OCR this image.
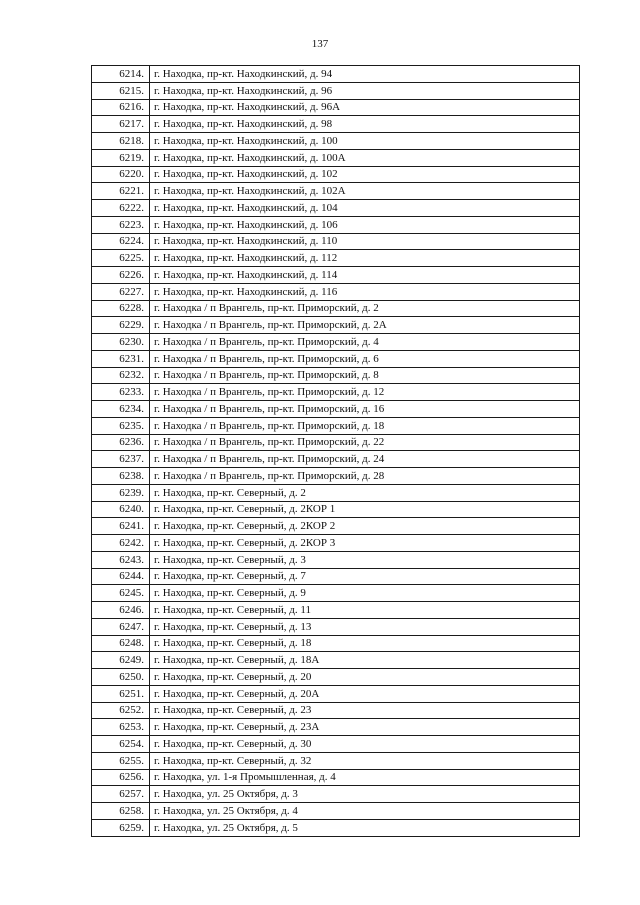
137
6214.	г. Находка, пр-кт. Находкинский, д. 94
6215.	г. Находка, пр-кт. Находкинский, д. 96
6216.	г. Находка, пр-кт. Находкинский, д. 96А
6217.	г. Находка, пр-кт. Находкинский, д. 98
6218.	г. Находка, пр-кт. Находкинский, д. 100
6219.	г. Находка, пр-кт. Находкинский, д. 100А
6220.	г. Находка, пр-кт. Находкинский, д. 102
6221.	г. Находка, пр-кт. Находкинский, д. 102А
6222.	г. Находка, пр-кт. Находкинский, д. 104
6223.	г. Находка, пр-кт. Находкинский, д. 106
6224.	г. Находка, пр-кт. Находкинский, д. 110
6225.	г. Находка, пр-кт. Находкинский, д. 112
6226.	г. Находка, пр-кт. Находкинский, д. 114
6227.	г. Находка, пр-кт. Находкинский, д. 116
6228.	г. Находка / п Врангель, пр-кт. Приморский, д. 2
6229.	г. Находка / п Врангель, пр-кт. Приморский, д. 2А
6230.	г. Находка / п Врангель, пр-кт. Приморский, д. 4
6231.	г. Находка / п Врангель, пр-кт. Приморский, д. 6
6232.	г. Находка / п Врангель, пр-кт. Приморский, д. 8
6233.	г. Находка / п Врангель, пр-кт. Приморский, д. 12
6234.	г. Находка / п Врангель, пр-кт. Приморский, д. 16
6235.	г. Находка / п Врангель, пр-кт. Приморский, д. 18
6236.	г. Находка / п Врангель, пр-кт. Приморский, д. 22
6237.	г. Находка / п Врангель, пр-кт. Приморский, д. 24
6238.	г. Находка / п Врангель, пр-кт. Приморский, д. 28
6239.	г. Находка, пр-кт. Северный, д. 2
6240.	г. Находка, пр-кт. Северный, д. 2КОР 1
6241.	г. Находка, пр-кт. Северный, д. 2КОР 2
6242.	г. Находка, пр-кт. Северный, д. 2КОР 3
6243.	г. Находка, пр-кт. Северный, д. 3
6244.	г. Находка, пр-кт. Северный, д. 7
6245.	г. Находка, пр-кт. Северный, д. 9
6246.	г. Находка, пр-кт. Северный, д. 11
6247.	г. Находка, пр-кт. Северный, д. 13
6248.	г. Находка, пр-кт. Северный, д. 18
6249.	г. Находка, пр-кт. Северный, д. 18А
6250.	г. Находка, пр-кт. Северный, д. 20
6251.	г. Находка, пр-кт. Северный, д. 20А
6252.	г. Находка, пр-кт. Северный, д. 23
6253.	г. Находка, пр-кт. Северный, д. 23А
6254.	г. Находка, пр-кт. Северный, д. 30
6255.	г. Находка, пр-кт. Северный, д. 32
6256.	г. Находка, ул. 1-я Промышленная, д. 4
6257.	г. Находка, ул. 25 Октября, д. 3
6258.	г. Находка, ул. 25 Октября, д. 4
6259.	г. Находка, ул. 25 Октября, д. 5
